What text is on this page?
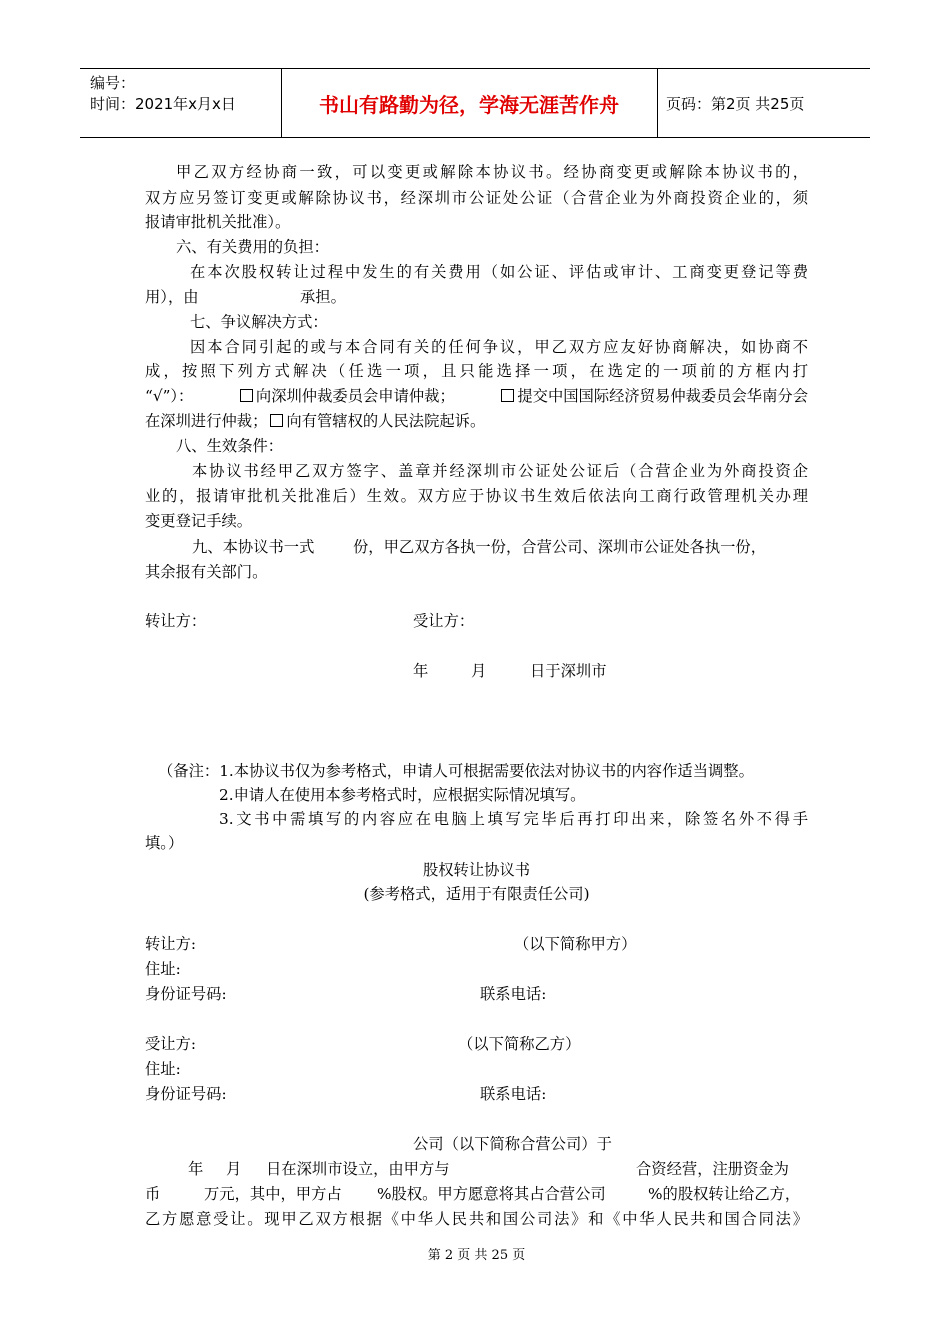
编号：
时间：2021年x月x日	书山有路勤为径，学海无涯苦作舟	页码：第2页 共25页
甲乙双方经协商一致，可以变更或解除本协议书。经协商变更或解除本协议书的，
双方应另签订变更或解除协议书，经深圳市公证处公证（合营企业为外商投资企业的，须
报请审批机关批准）。
六、有关费用的负担：
在本次股权转让过程中发生的有关费用（如公证、评估或审计、工商变更登记等费
用），由	承担。
七、争议解决方式：
因本合同引起的或与本合同有关的任何争议，甲乙双方应友好协商解决，如协商不
成，按照下列方式解决（任选一项，且只能选择一项，在选定的一项前的方框内打
“√”）：	向深圳仲裁委员会申请仲裁；	提交中国国际经济贸易仲裁委员会华南分会
在深圳进行仲裁； 向有管辖权的人民法院起诉。
八、生效条件：
本协议书经甲乙双方签字、盖章并经深圳市公证处公证后（合营企业为外商投资企
业的，报请审批机关批准后）生效。双方应于协议书生效后依法向工商行政管理机关办理
变更登记手续。
九、本协议书一式	份，甲乙双方各执一份，合营公司、深圳市公证处各执一份，
其余报有关部门。
转让方：	受让方：
年	月	日于深圳市
（备注：1.本协议书仅为参考格式，申请人可根据需要依法对协议书的内容作适当调整。
2.申请人在使用本参考格式时，应根据实际情况填写。
3.文书中需填写的内容应在电脑上填写完毕后再打印出来，除签名外不得手
填。）
股权转让协议书
(参考格式，适用于有限责任公司)
转让方:	（以下简称甲方）
住址:
身份证号码:	联系电话:
受让方:	（以下简称乙方）
住址:
身份证号码:	联系电话:
公司（以下简称合营公司）于
年 月 日在深圳市设立，由甲方与	合资经营，注册资金为
币	万元，其中，甲方占 %股权。甲方愿意将其占合营公司	%的股权转让给乙方，
乙方愿意受让。现甲乙双方根据《中华人民共和国公司法》和《中华人民共和国合同法》
第 2 页 共 25 页
